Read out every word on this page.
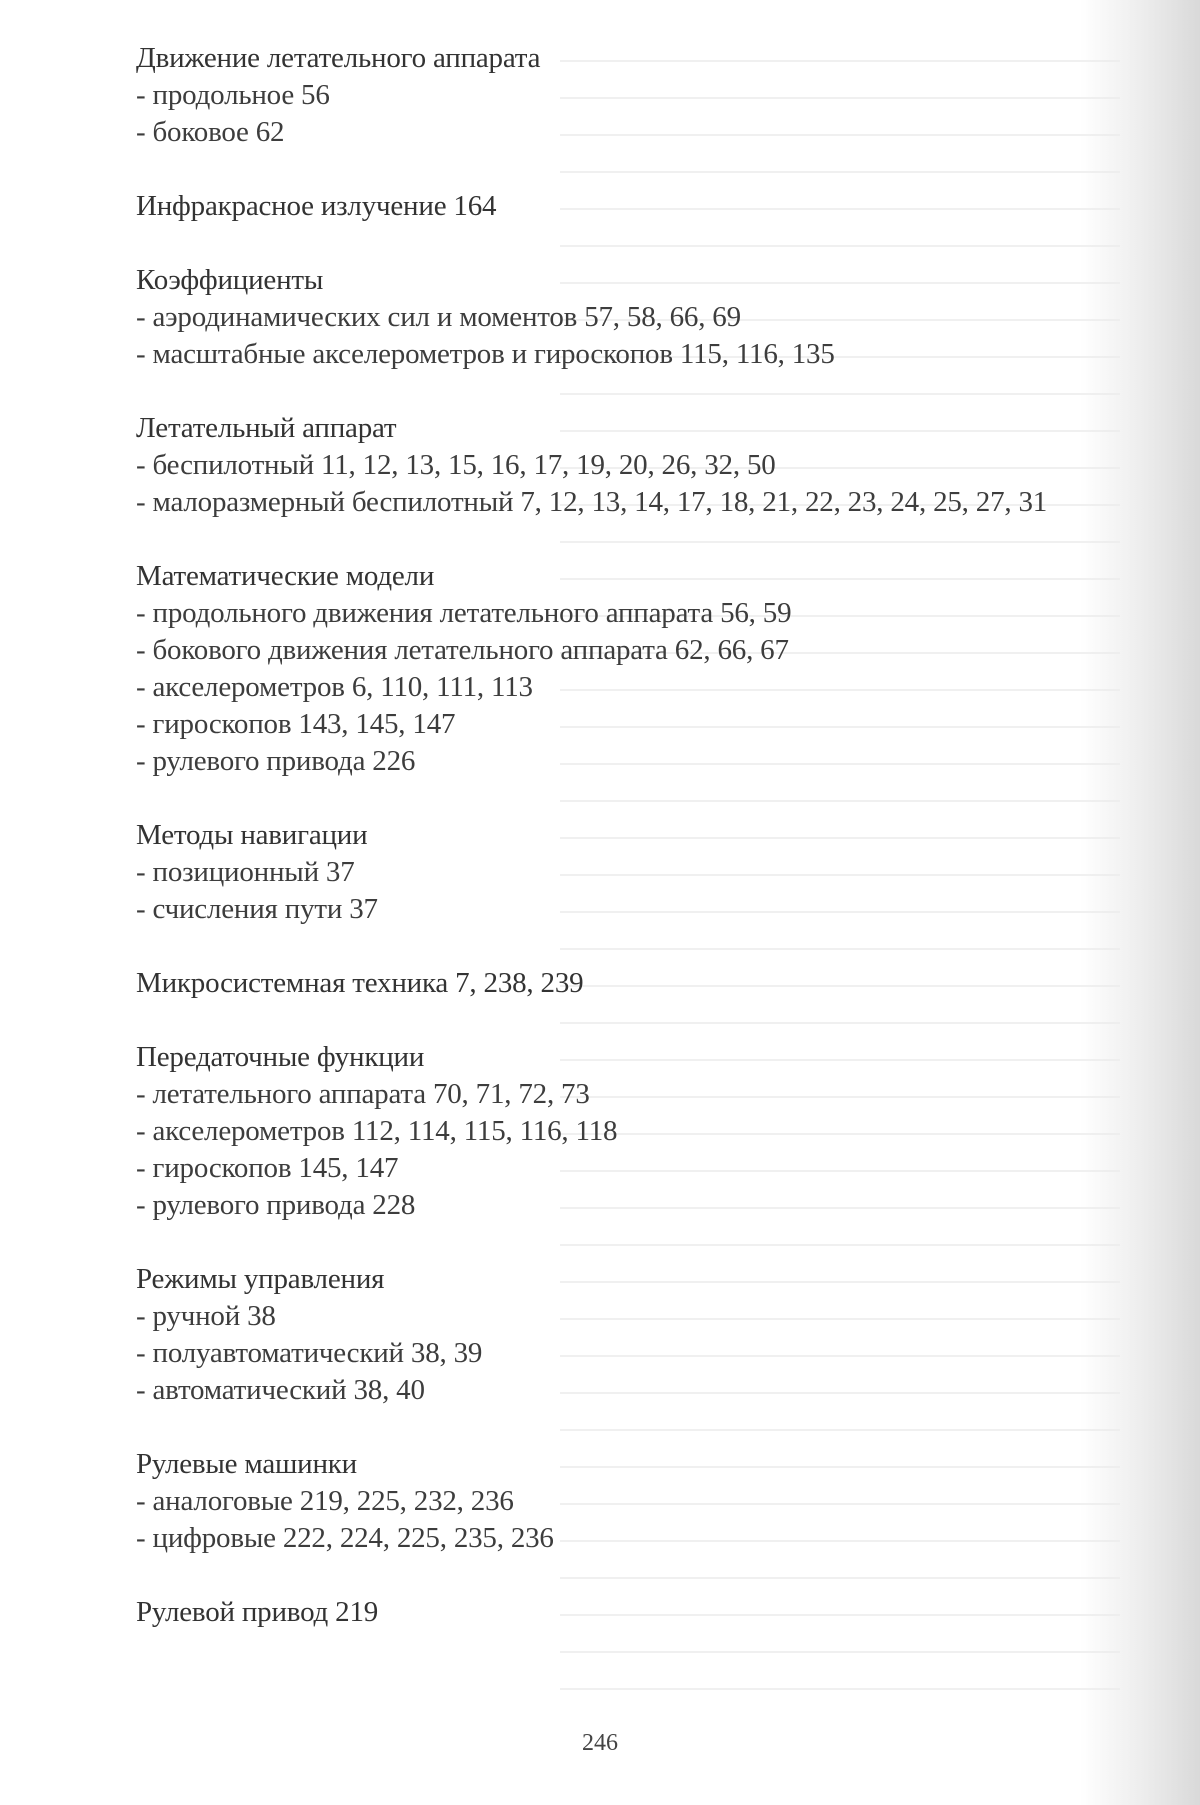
Движение летательного аппарата
- продольное 56
- боковое 62
Инфракрасное излучение 164
Коэффициенты
- аэродинамических сил и моментов 57, 58, 66, 69
- масштабные акселерометров и гироскопов 115, 116, 135
Летательный аппарат
- беспилотный 11, 12, 13, 15, 16, 17, 19, 20, 26, 32, 50
- малоразмерный беспилотный 7, 12, 13, 14, 17, 18, 21, 22, 23, 24, 25, 27, 31
Математические модели
- продольного движения летательного аппарата 56, 59
- бокового движения летательного аппарата 62, 66, 67
- акселерометров 6, 110, 111, 113
- гироскопов 143, 145, 147
- рулевого привода 226
Методы навигации
- позиционный 37
- счисления пути 37
Микросистемная техника 7, 238, 239
Передаточные функции
- летательного аппарата 70, 71, 72, 73
- акселерометров 112, 114, 115, 116, 118
- гироскопов 145, 147
- рулевого привода 228
Режимы управления
- ручной 38
- полуавтоматический 38, 39
- автоматический 38, 40
Рулевые машинки
- аналоговые 219, 225, 232, 236
- цифровые 222, 224, 225, 235, 236
Рулевой привод 219
246
